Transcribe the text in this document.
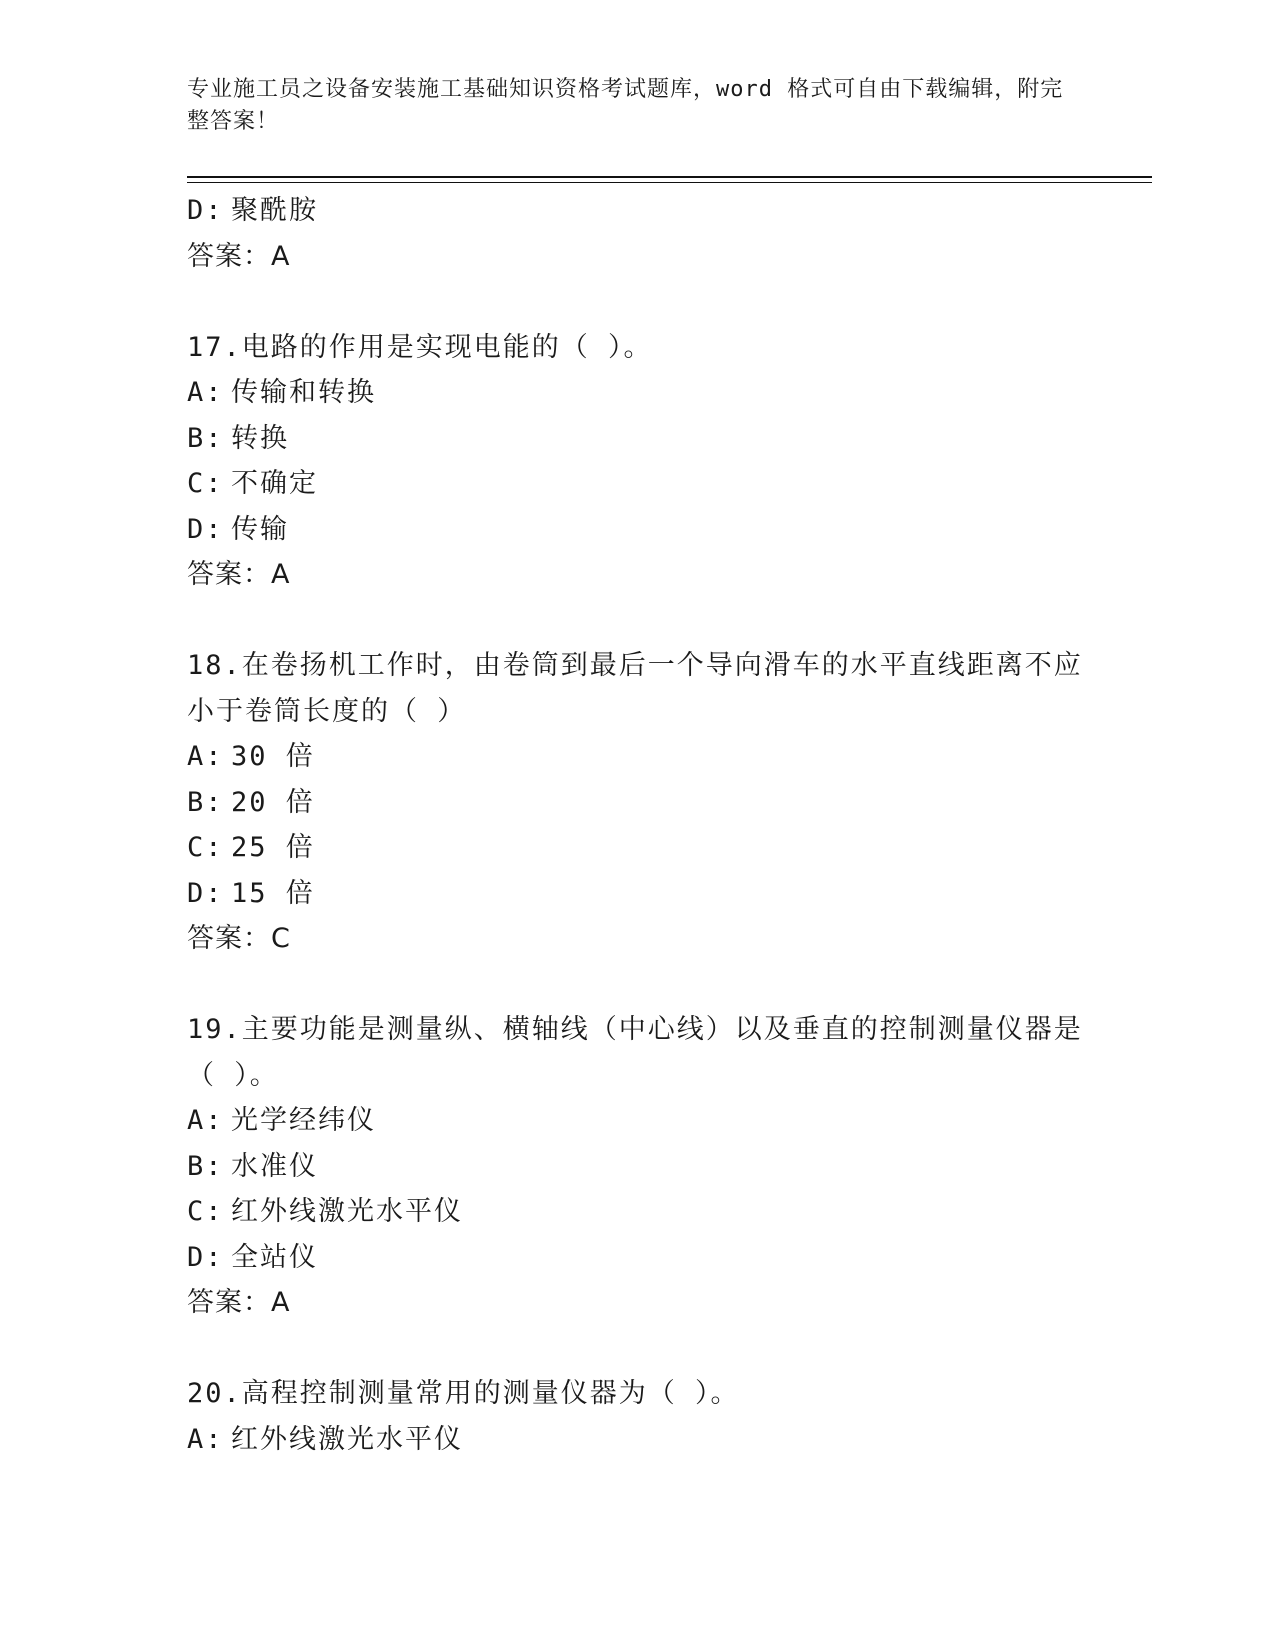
专业施工员之设备安装施工基础知识资格考试题库，word 格式可自由下载编辑，附完整答案！
D: 聚酰胺
答案：A
17.电路的作用是实现电能的（ ）。
A: 传输和转换
B: 转换
C: 不确定
D: 传输
答案：A
18.在卷扬机工作时，由卷筒到最后一个导向滑车的水平直线距离不应小于卷筒长度的（ ）
A: 30 倍
B: 20 倍
C: 25 倍
D: 15 倍
答案：C
19.主要功能是测量纵、横轴线（中心线）以及垂直的控制测量仪器是（ ）。
A: 光学经纬仪
B: 水准仪
C: 红外线激光水平仪
D: 全站仪
答案：A
20.高程控制测量常用的测量仪器为（ ）。
A: 红外线激光水平仪
